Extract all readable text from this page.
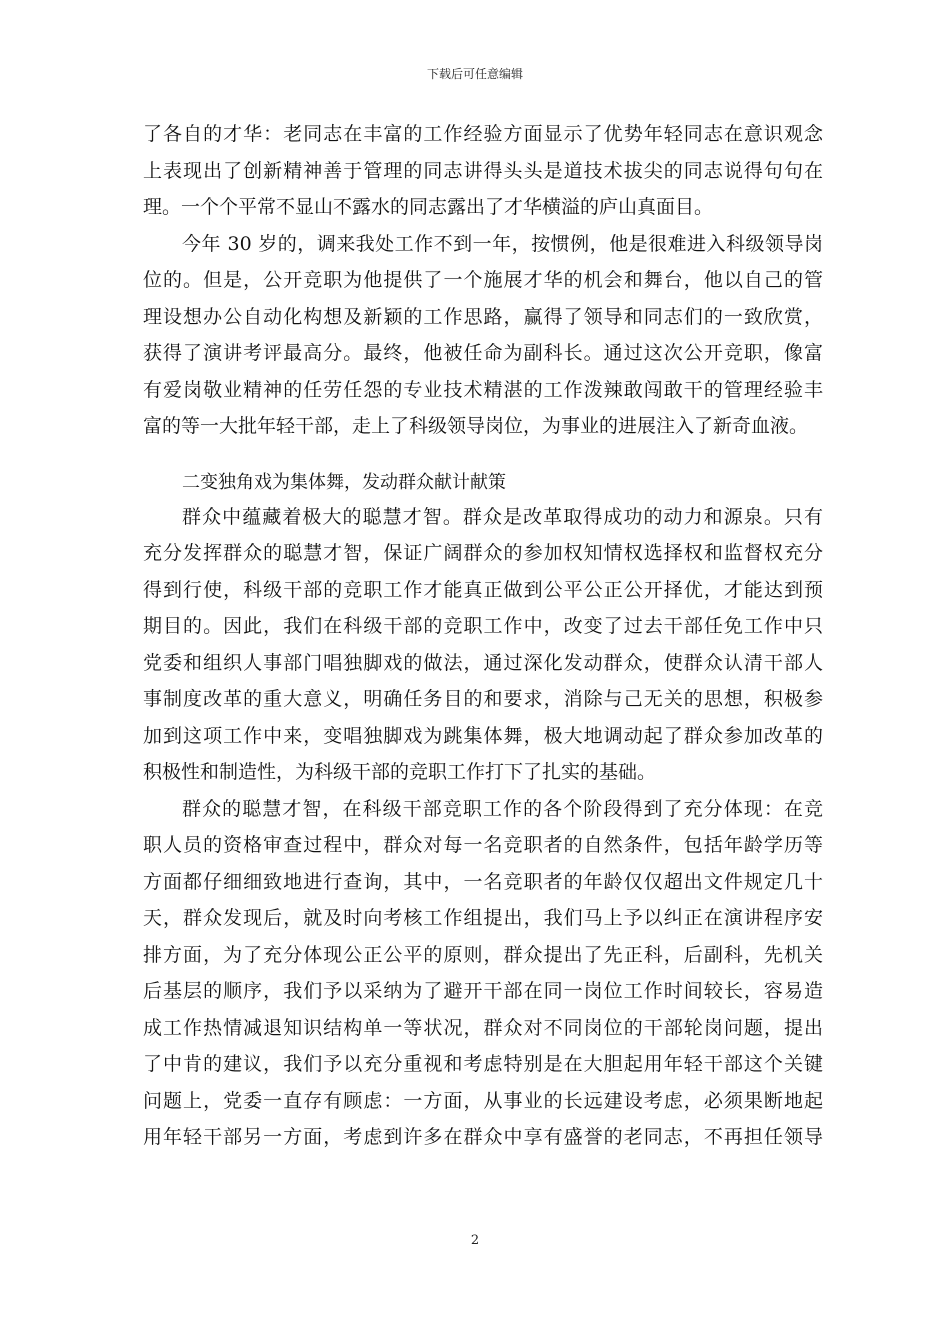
下载后可任意编辑
了各自的才华：老同志在丰富的工作经验方面显示了优势年轻同志在意识观念
上表现出了创新精神善于管理的同志讲得头头是道技术拔尖的同志说得句句在
理。一个个平常不显山不露水的同志露出了才华横溢的庐山真面目。
今年 30 岁的，调来我处工作不到一年，按惯例，他是很难进入科级领导岗
位的。但是，公开竞职为他提供了一个施展才华的机会和舞台，他以自己的管
理设想办公自动化构想及新颖的工作思路，赢得了领导和同志们的一致欣赏，
获得了演讲考评最高分。最终，他被任命为副科长。通过这次公开竞职，像富
有爱岗敬业精神的任劳任怨的专业技术精湛的工作泼辣敢闯敢干的管理经验丰
富的等一大批年轻干部，走上了科级领导岗位，为事业的进展注入了新奇血液。
二变独角戏为集体舞，发动群众献计献策
群众中蕴藏着极大的聪慧才智。群众是改革取得成功的动力和源泉。只有
充分发挥群众的聪慧才智，保证广阔群众的参加权知情权选择权和监督权充分
得到行使，科级干部的竞职工作才能真正做到公平公正公开择优，才能达到预
期目的。因此，我们在科级干部的竞职工作中，改变了过去干部任免工作中只
党委和组织人事部门唱独脚戏的做法，通过深化发动群众，使群众认清干部人
事制度改革的重大意义，明确任务目的和要求，消除与己无关的思想，积极参
加到这项工作中来，变唱独脚戏为跳集体舞，极大地调动起了群众参加改革的
积极性和制造性，为科级干部的竞职工作打下了扎实的基础。
群众的聪慧才智，在科级干部竞职工作的各个阶段得到了充分体现：在竞
职人员的资格审查过程中，群众对每一名竞职者的自然条件，包括年龄学历等
方面都仔细细致地进行查询，其中，一名竞职者的年龄仅仅超出文件规定几十
天，群众发现后，就及时向考核工作组提出，我们马上予以纠正在演讲程序安
排方面，为了充分体现公正公平的原则，群众提出了先正科，后副科，先机关
后基层的顺序，我们予以采纳为了避开干部在同一岗位工作时间较长，容易造
成工作热情减退知识结构单一等状况，群众对不同岗位的干部轮岗问题，提出
了中肯的建议，我们予以充分重视和考虑特别是在大胆起用年轻干部这个关键
问题上，党委一直存有顾虑：一方面，从事业的长远建设考虑，必须果断地起
用年轻干部另一方面，考虑到许多在群众中享有盛誉的老同志，不再担任领导
2
